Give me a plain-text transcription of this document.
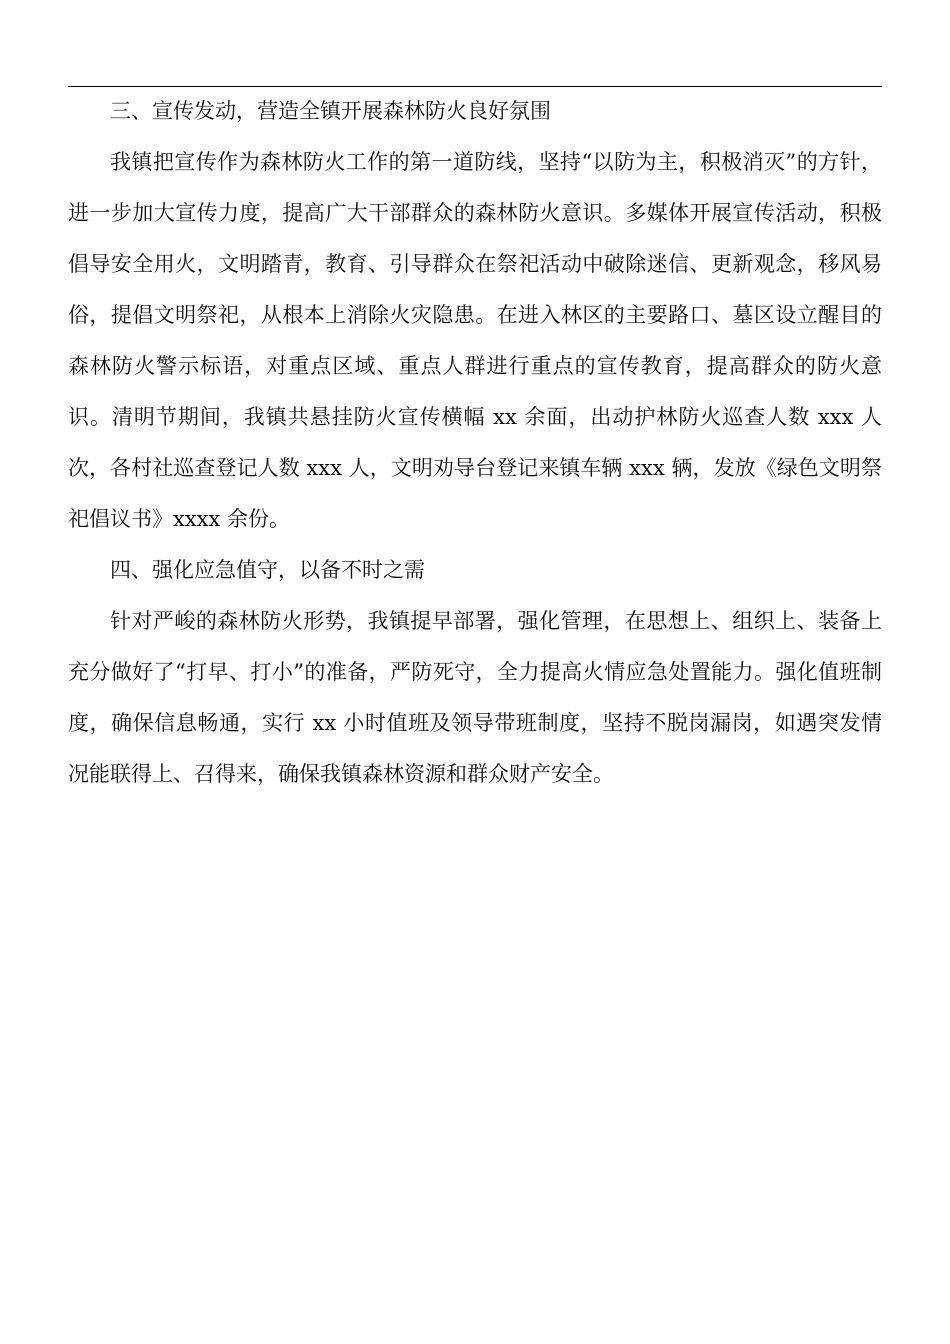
三、宣传发动，营造全镇开展森林防火良好氛围

我镇把宣传作为森林防火工作的第一道防线，坚持“以防为主，积极消灭”的方针，进一步加大宣传力度，提高广大干部群众的森林防火意识。多媒体开展宣传活动，积极倡导安全用火，文明踏青，教育、引导群众在祭祀活动中破除迷信、更新观念，移风易俗，提倡文明祭祀，从根本上消除火灾隐患。在进入林区的主要路口、墓区设立醒目的森林防火警示标语，对重点区域、重点人群进行重点的宣传教育，提高群众的防火意识。清明节期间，我镇共悬挂防火宣传横幅 xx 余面，出动护林防火巡查人数 xxx 人次，各村社巡查登记人数 xxx 人，文明劝导台登记来镇车辆 xxx 辆，发放《绿色文明祭祀倡议书》xxxx 余份。

四、强化应急值守，以备不时之需

针对严峻的森林防火形势，我镇提早部署，强化管理，在思想上、组织上、装备上充分做好了“打早、打小”的准备，严防死守，全力提高火情应急处置能力。强化值班制度，确保信息畅通，实行 xx 小时值班及领导带班制度，坚持不脱岗漏岗，如遇突发情况能联得上、召得来，确保我镇森林资源和群众财产安全。
